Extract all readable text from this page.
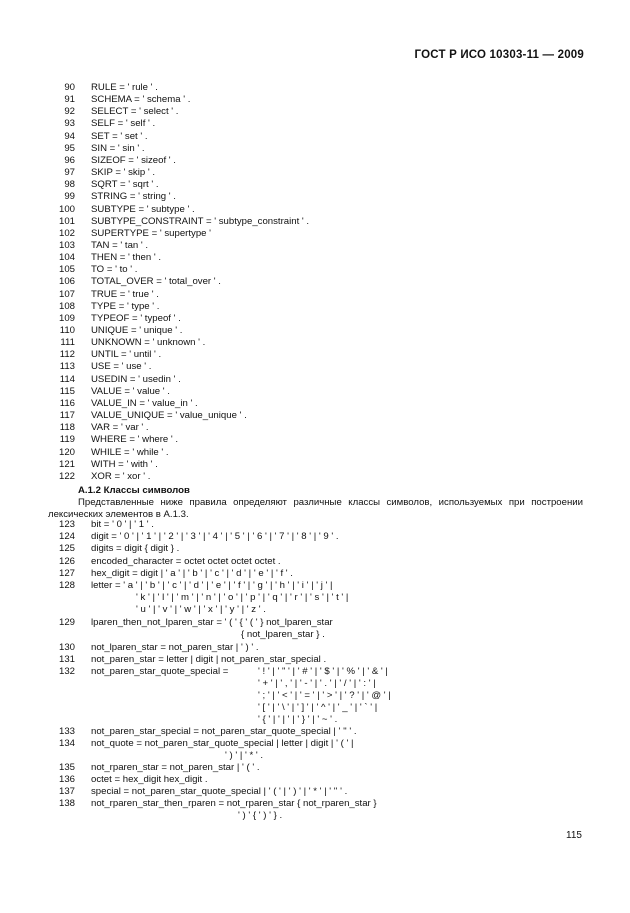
ГОСТ Р ИСО 10303-11 — 2009
90 RULE = ' rule ' .
91 SCHEMA = ' schema ' .
92 SELECT = ' select ' .
93 SELF = ' self ' .
94 SET = ' set ' .
95 SIN = ' sin ' .
96 SIZEOF = ' sizeof ' .
97 SKIP = ' skip ' .
98 SQRT = ' sqrt ' .
99 STRING = ' string ' .
100 SUBTYPE = ' subtype ' .
101 SUBTYPE_CONSTRAINT = ' subtype_constraint ' .
102 SUPERTYPE = ' supertype '
103 TAN = ' tan ' .
104 THEN = ' then ' .
105 TO = ' to ' .
106 TOTAL_OVER = ' total_over ' .
107 TRUE = ' true ' .
108 TYPE = ' type ' .
109 TYPEOF = ' typeof ' .
110 UNIQUE = ' unique ' .
111 UNKNOWN = ' unknown ' .
112 UNTIL = ' until ' .
113 USE = ' use ' .
114 USEDIN = ' usedin ' .
115 VALUE = ' value ' .
116 VALUE_IN = ' value_in ' .
117 VALUE_UNIQUE = ' value_unique ' .
118 VAR = ' var ' .
119 WHERE = ' where ' .
120 WHILE = ' while ' .
121 WITH = ' with ' .
122 XOR = ' xor ' .
А.1.2 Классы символов
Представленные ниже правила определяют различные классы символов, используемых при построении лексических элементов в А.1.3.
123 bit = ' 0 ' | ' 1 ' .
124 digit = ' 0 ' | ' 1 ' | ' 2 ' | ' 3 ' | ' 4 ' | ' 5 ' | ' 6 ' | ' 7 ' | ' 8 ' | ' 9 ' .
125 digits = digit { digit } .
126 encoded_character = octet octet octet octet .
127 hex_digit = digit | ' a ' | ' b ' | ' c ' | ' d ' | ' e ' | ' f ' .
128 letter = ' a ' | ' b ' | ' c ' | ' d ' | ' e ' | ' f ' | ' g ' | ' h ' | ' i ' | ' j ' |
' k ' | ' l ' | ' m ' | ' n ' | ' o ' | ' p ' | ' q ' | ' r ' | ' s ' | ' t ' |
' u ' | ' v ' | ' w ' | ' x ' | ' y ' | ' z ' .
129 lparen_then_not_lparen_star = ' ( ' { ' ( ' } not_lparen_star
{ not_lparen_star } .
130 not_lparen_star = not_paren_star | ' ) ' .
131 not_paren_star = letter | digit | not_paren_star_special .
132 not_paren_star_quote_special =	' ! ' | ' " ' | ' # ' | ' $ ' | ' % ' | ' & ' |
' + ' | ' , ' | ' - ' | ' . ' | ' / ' | ' : ' |
' ; ' | ' < ' | ' = ' | ' > ' | ' ? ' | ' @ ' |
' [ ' | ' \ ' | ' ] ' | ' ^ ' | ' _ ' | ' ` ' |
' { ' | ' | ' | ' } ' | ' ~ ' .
133 not_paren_star_special = not_paren_star_quote_special | ' '' ' .
134 not_quote = not_paren_star_quote_special | letter | digit | ' ( ' |
' ) ' | ' * ' .
135 not_rparen_star = not_paren_star | ' ( ' .
136 octet = hex_digit hex_digit .
137 special = not_paren_star_quote_special | ' ( ' | ' ) ' | ' * ' | ' '' ' .
138 not_rparen_star_then_rparen = not_rparen_star { not_rparen_star }
' ) ' { ' ) ' } .
115
